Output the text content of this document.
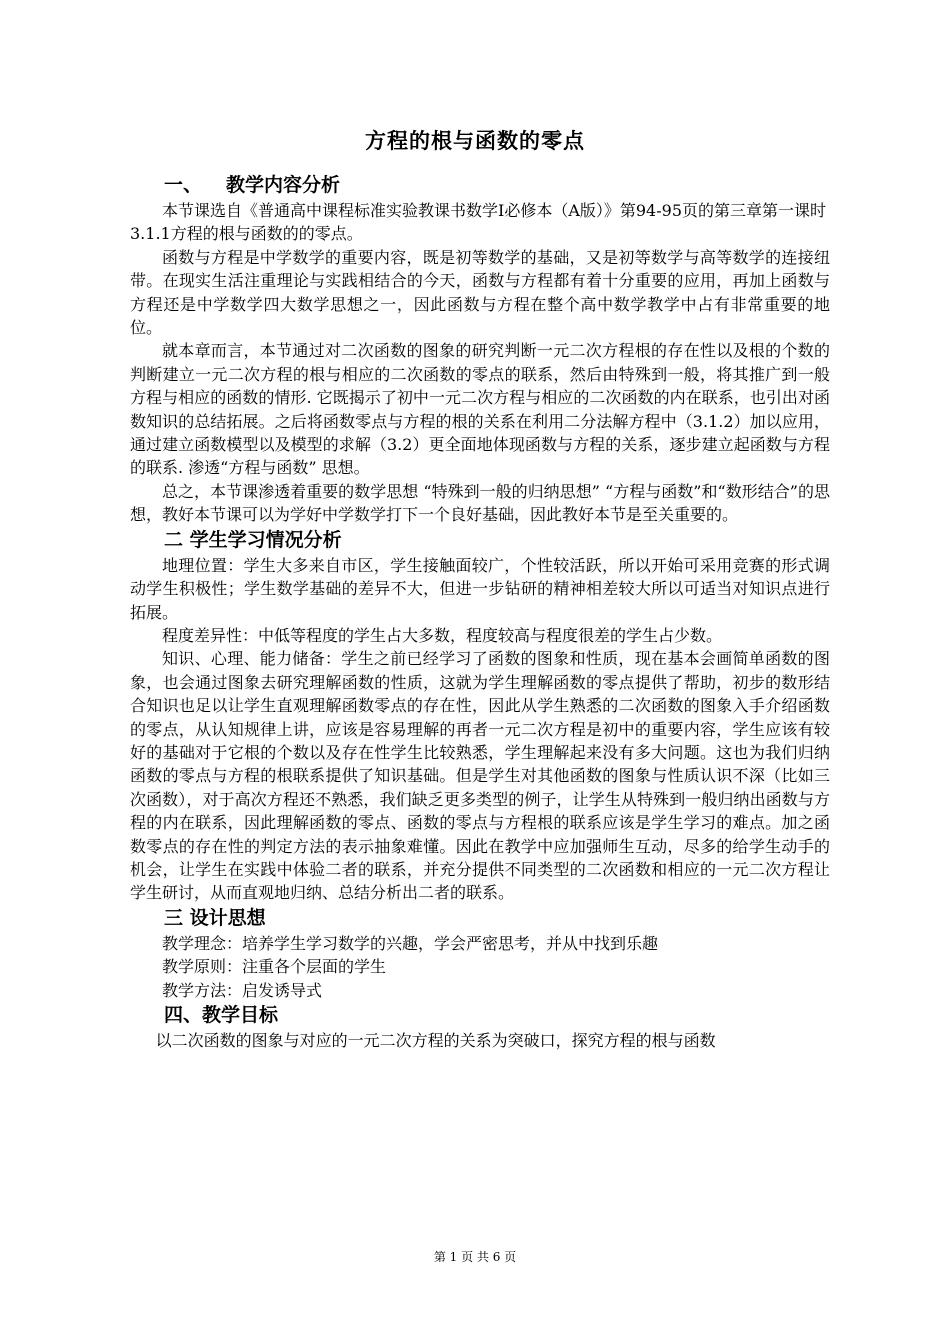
方程的根与函数的零点
一、 教学内容分析

本节课选自《普通高中课程标准实验教课书数学Ⅰ必修本（A版）》第94-95页的第三章第一课时3.1.1方程的根与函数的的零点。

函数与方程是中学数学的重要内容，既是初等数学的基础，又是初等数学与高等数学的连接纽带。在现实生活注重理论与实践相结合的今天，函数与方程都有着十分重要的应用，再加上函数与方程还是中学数学四大数学思想之一，因此函数与方程在整个高中数学教学中占有非常重要的地位。

就本章而言，本节通过对二次函数的图象的研究判断一元二次方程根的存在性以及根的个数的判断建立一元二次方程的根与相应的二次函数的零点的联系，然后由特殊到一般，将其推广到一般方程与相应的函数的情形. 它既揭示了初中一元二次方程与相应的二次函数的内在联系，也引出对函数知识的总结拓展。之后将函数零点与方程的根的关系在利用二分法解方程中（3.1.2）加以应用，通过建立函数模型以及模型的求解（3.2）更全面地体现函数与方程的关系，逐步建立起函数与方程的联系. 渗透“方程与函数” 思想。

总之，本节课渗透着重要的数学思想 “特殊到一般的归纳思想” “方程与函数”和“数形结合”的思想，教好本节课可以为学好中学数学打下一个良好基础，因此教好本节是至关重要的。

二 学生学习情况分析

地理位置：学生大多来自市区，学生接触面较广，个性较活跃，所以开始可采用竞赛的形式调动学生积极性；学生数学基础的差异不大，但进一步钻研的精神相差较大所以可适当对知识点进行拓展。

程度差异性：中低等程度的学生占大多数，程度较高与程度很差的学生占少数。

知识、心理、能力储备：学生之前已经学习了函数的图象和性质，现在基本会画简单函数的图象，也会通过图象去研究理解函数的性质，这就为学生理解函数的零点提供了帮助，初步的数形结合知识也足以让学生直观理解函数零点的存在性，因此从学生熟悉的二次函数的图象入手介绍函数的零点，从认知规律上讲，应该是容易理解的再者一元二次方程是初中的重要内容，学生应该有较好的基础对于它根的个数以及存在性学生比较熟悉，学生理解起来没有多大问题。这也为我们归纳函数的零点与方程的根联系提供了知识基础。但是学生对其他函数的图象与性质认识不深（比如三次函数），对于高次方程还不熟悉，我们缺乏更多类型的例子，让学生从特殊到一般归纳出函数与方程的内在联系，因此理解函数的零点、函数的零点与方程根的联系应该是学生学习的难点。加之函数零点的存在性的判定方法的表示抽象难懂。因此在教学中应加强师生互动，尽多的给学生动手的机会，让学生在实践中体验二者的联系，并充分提供不同类型的二次函数和相应的一元二次方程让学生研讨，从而直观地归纳、总结分析出二者的联系。

三 设计思想

教学理念：培养学生学习数学的兴趣，学会严密思考，并从中找到乐趣

教学原则：注重各个层面的学生

教学方法：启发诱导式

四、教学目标

以二次函数的图象与对应的一元二次方程的关系为突破口，探究方程的根与函数

第 1 页 共 6 页
